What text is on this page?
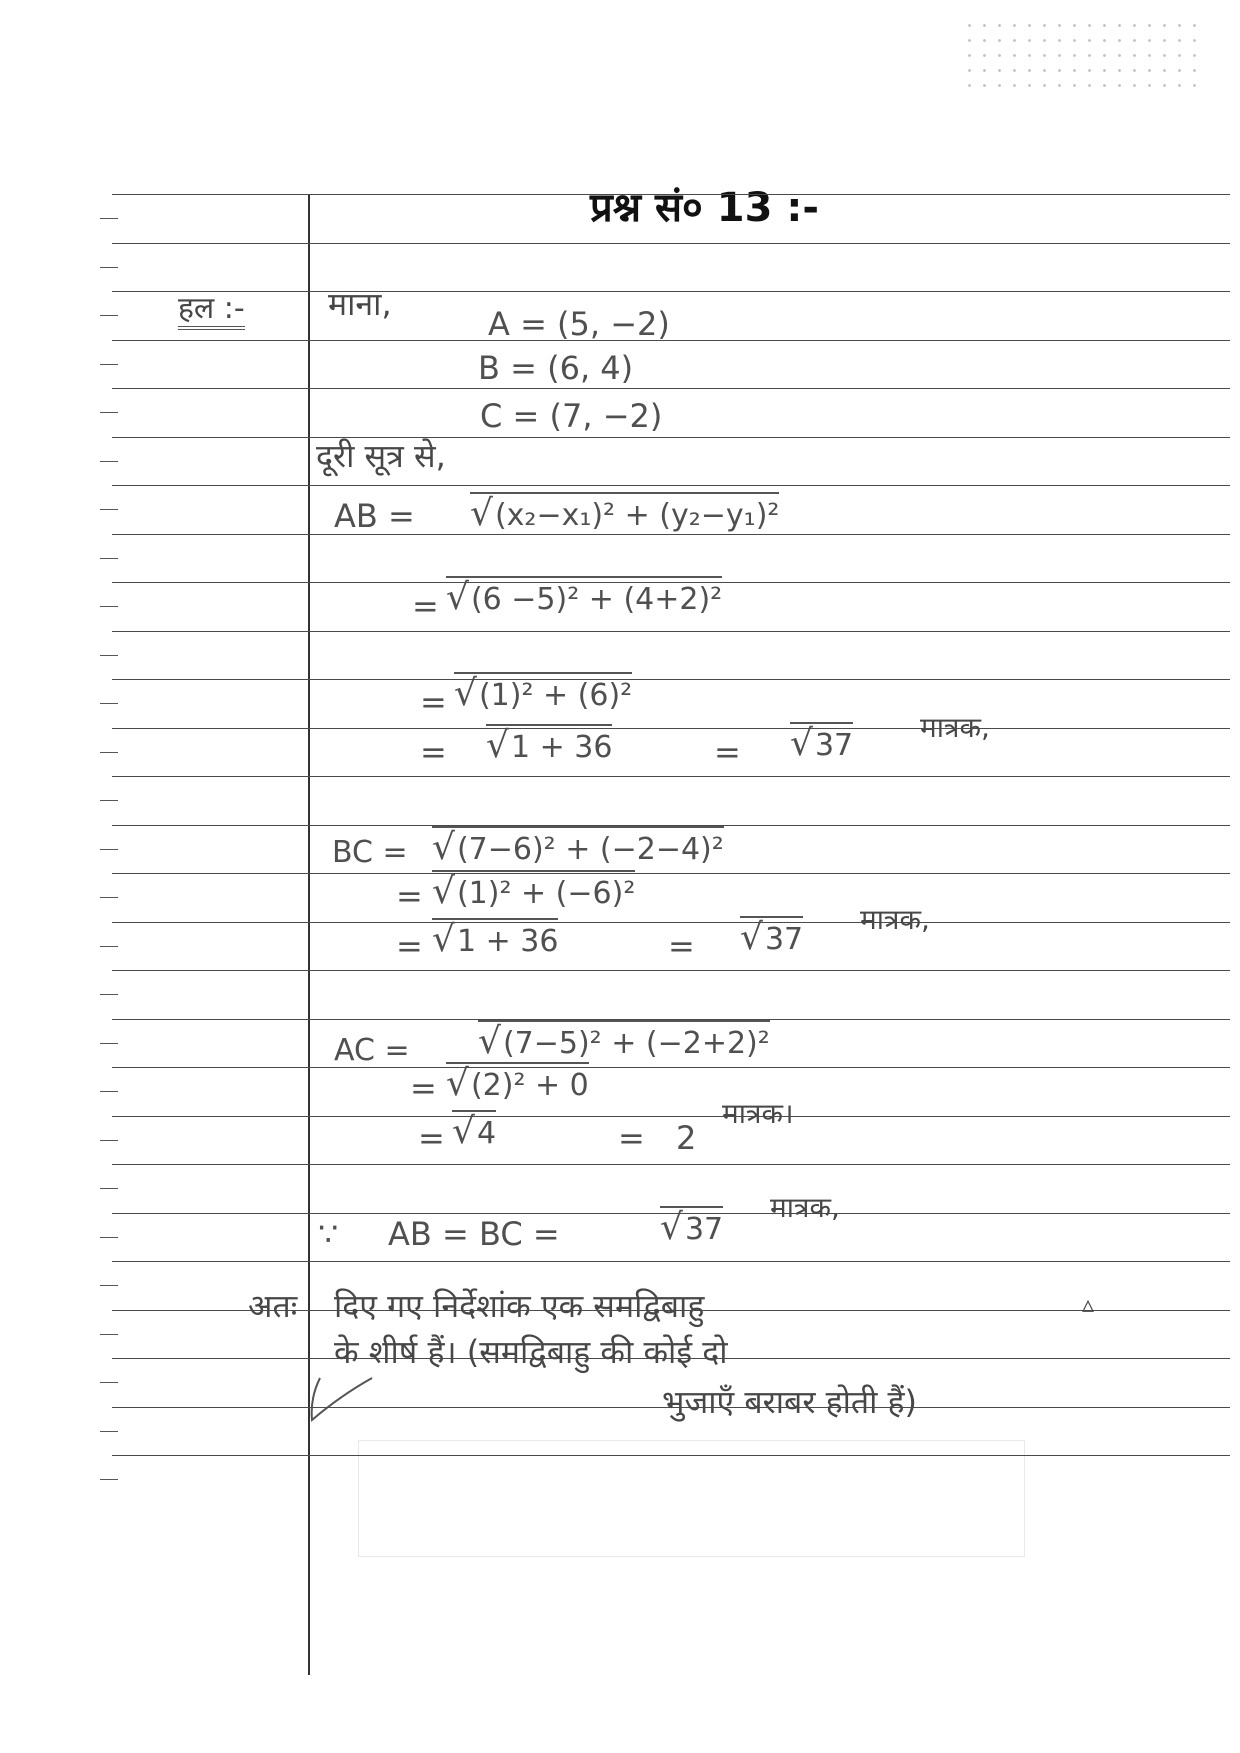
प्रश्न सं० 13 :-
हल :-	माना,
A = (5, −2)
B = (6, 4)
C = (7, −2)
दूरी सूत्र से,
AB =	√ (x₂−x₁)² + (y₂−y₁)²
=	√ (6 −5)² + (4+2)²
=	√ (1)² + (6)²
=	√ 1 + 36	=	√ 37
मात्रक,
BC =	√ (7−6)² + (−2−4)²
=	√ (1)² + (−6)²
=	√ 1 + 36	=	√ 37
मात्रक,
AC =	√ (7−5)² + (−2+2)²
=	√ (2)² + 0
=	√ 4	= 2
मात्रक।
∵ AB = BC =	√ 37
मात्रक,
अतः दिए गए निर्देशांक एक समद्विबाहु	▵
के शीर्ष हैं। (समद्विबाहु की कोई दो
भुजाएँ बराबर होती हैं)
